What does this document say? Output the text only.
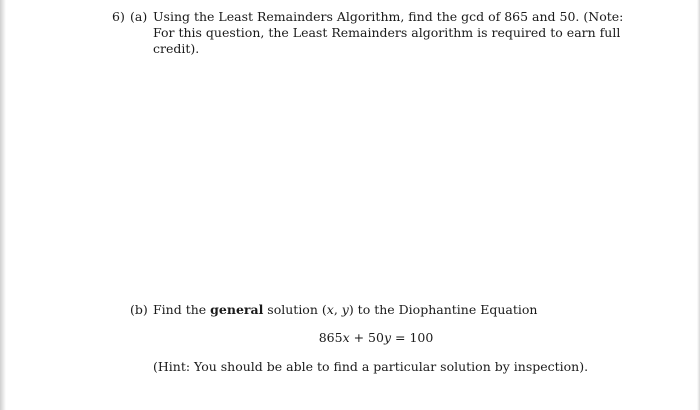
6) (a) Using the Least Remainders Algorithm, find the gcd of 865 and 50. (Note:
For this question, the Least Remainders algorithm is required to earn full
credit).
(b) Find the general solution (x, y) to the Diophantine Equation
865x + 50y = 100
(Hint: You should be able to find a particular solution by inspection).
